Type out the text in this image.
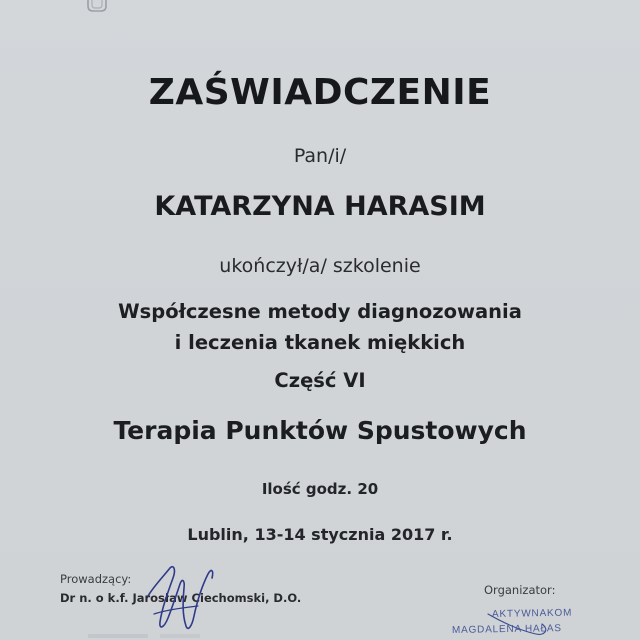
ZAŚWIADCZENIE
Pan/i/
KATARZYNA HARASIM
ukończył/a/ szkolenie
Współczesne metody diagnozowania
i leczenia tkanek miękkich
Część VI
Terapia Punktów Spustowych
Ilość godz. 20
Lublin, 13-14 stycznia 2017 r.
Prowadzący:
Dr n. o k.f. Jarosław Ciechomski, D.O.
Organizator:
AKTYWNAKOM
MAGDALENA HAŁAS
